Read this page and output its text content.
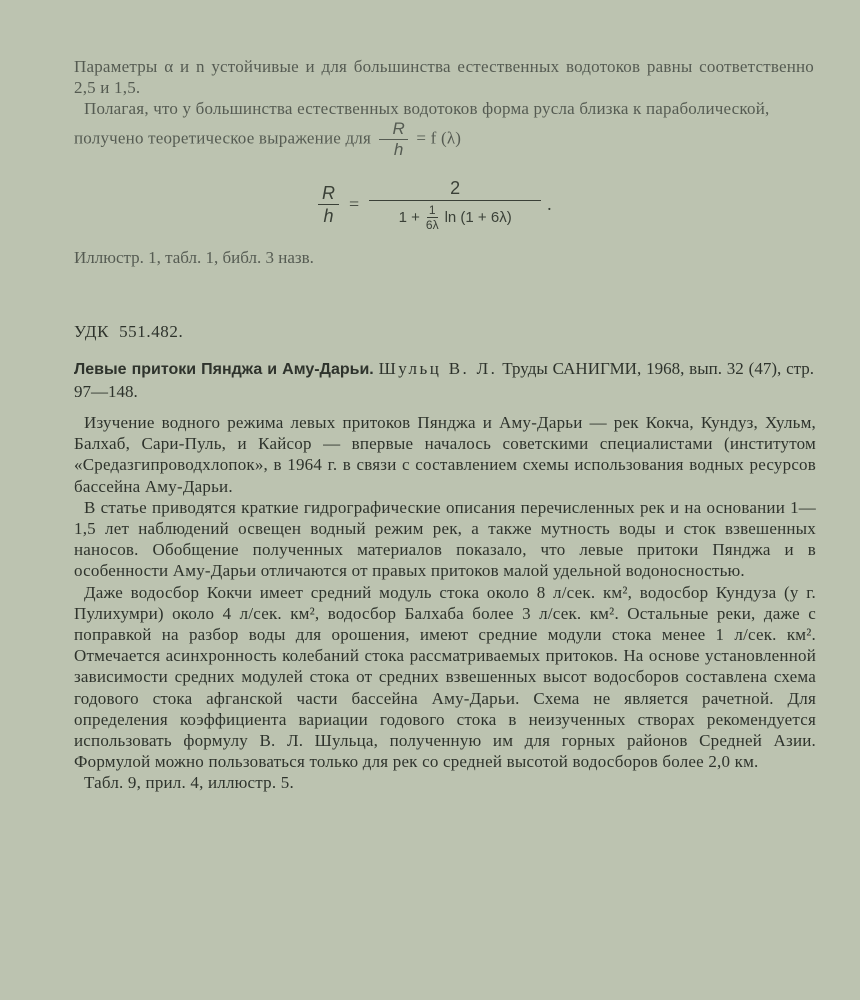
Параметры α и n устойчивые и для большинства естественных водотоков равны соответственно 2,5 и 1,5.

Полагая, что у большинства естественных водотоков форма русла близка к параболической, получено теоретическое выражение для $\frac{R}{h} = f$ (λ)

$\frac{R}{h}$ =
2
$1 + \frac{1}{6\lambda}$ ln (1 + 6λ)
.
Иллюстр. 1, табл. 1, библ. 3 назв.
УДК 551.482.
Левые притоки Пянджа и Аму-Дарьи. Шульц В. Л. Труды САНИГМИ, 1968, вып. 32 (47), стр. 97—148.

Изучение водного режима левых притоков Пянджа и Аму-Дарьи — рек Кокча, Кундуз, Хульм, Балхаб, Сари-Пуль, и Кайсор — впервые началось советскими специалистами (институтом «Средазгипроводхлопок», в 1964 г. в связи с составлением схемы использования водных ресурсов бассейна Аму-Дарьи.

В статье приводятся краткие гидрографические описания перечисленных рек и на основании 1—1,5 лет наблюдений освещен водный режим рек, а также мутность воды и сток взвешенных наносов. Обобщение полученных материалов показало, что левые притоки Пянджа и в особенности Аму-Дарьи отличаются от правых притоков малой удельной водоносностью.

Даже водосбор Кокчи имеет средний модуль стока около 8 л/сек. км², водосбор Кундуза (у г. Пулихумри) около 4 л/сек. км², водосбор Балхаба более 3 л/сек. км². Остальные реки, даже с поправкой на разбор воды для орошения, имеют средние модули стока менее 1 л/сек. км². Отмечается асинхронность колебаний стока рассматриваемых притоков. На основе установленной зависимости средних модулей стока от средних взвешенных высот водосборов составлена схема годового стока афганской части бассейна Аму-Дарьи. Схема не является рачетной. Для определения коэффициента вариации годового стока в неизученных створах рекомендуется использовать формулу В. Л. Шульца, полученную им для горных районов Средней Азии. Формулой можно пользоваться только для рек со средней высотой водосборов более 2,0 км.

Табл. 9, прил. 4, иллюстр. 5.
